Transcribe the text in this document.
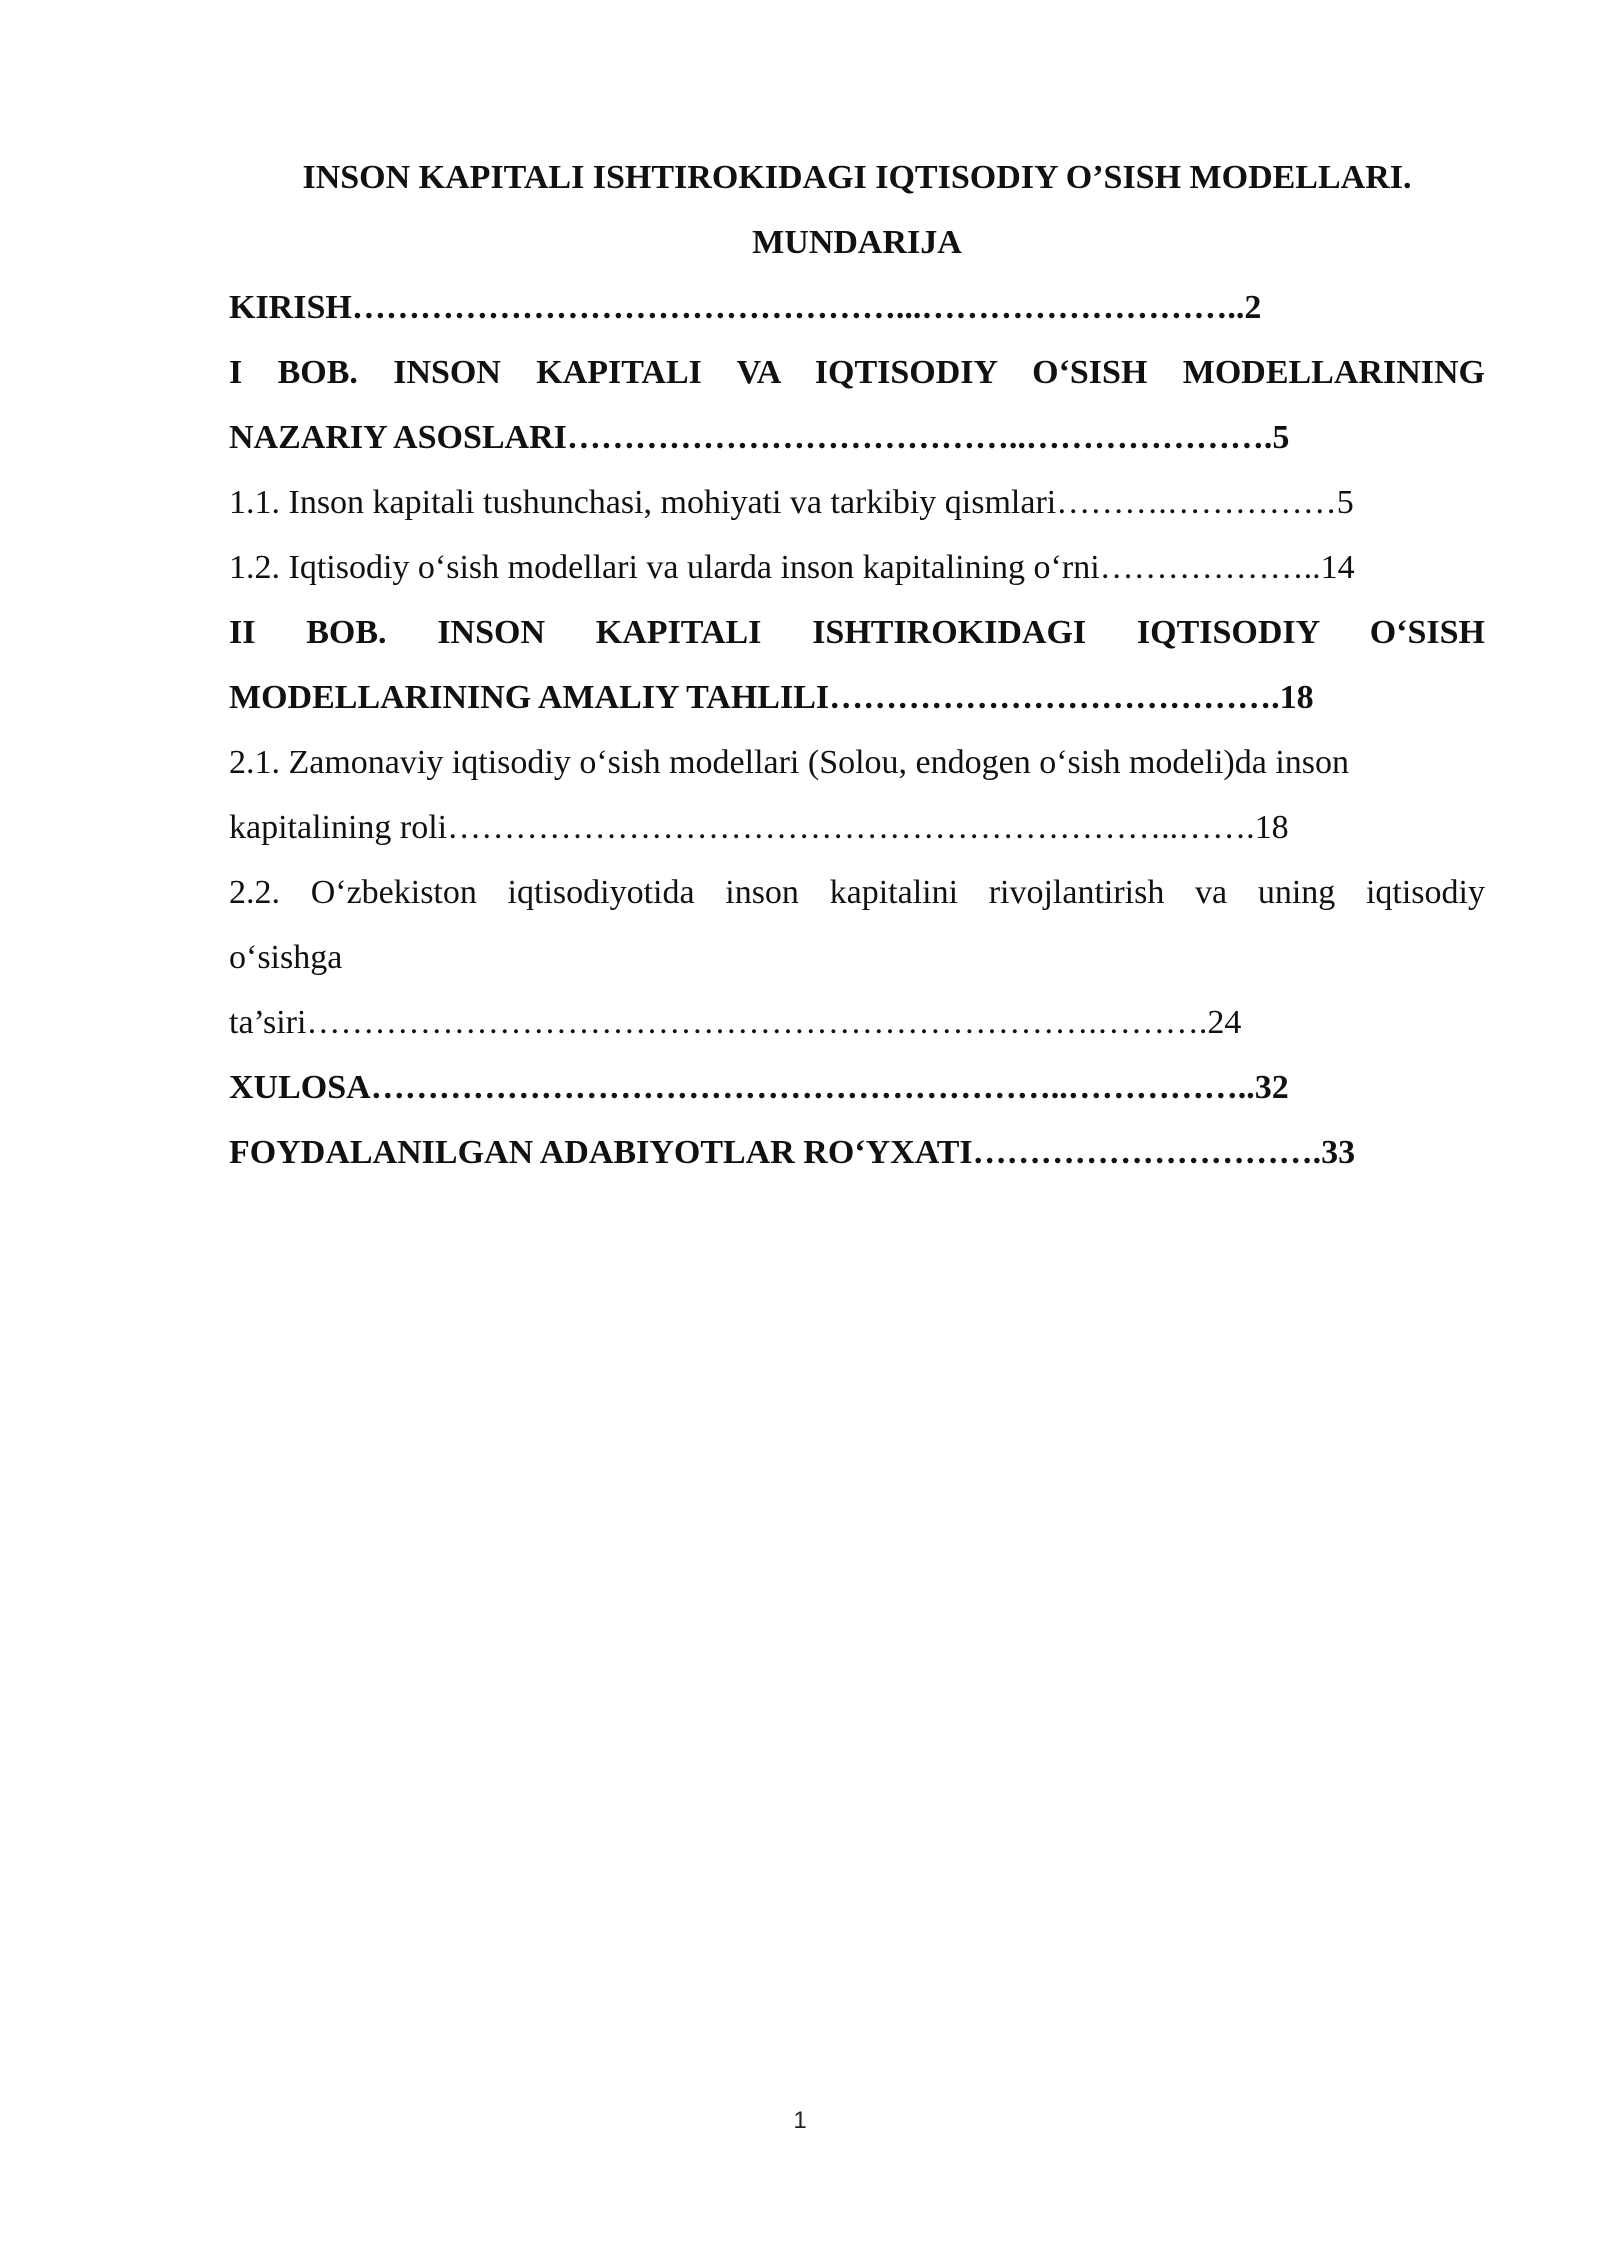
INSON KAPITALI ISHTIROKIDAGI IQTISODIY O’SISH MODELLARI.

MUNDARIJA

KIRISH…………………………………………...………………………..2

I BOB. INSON KAPITALI VA IQTISODIY O‘SISH MODELLARINING

NAZARIY ASOSLARI…………………………………..………………….5

1.1. Inson kapitali tushunchasi, mohiyati va tarkibiy qismlari……….……………5

1.2. Iqtisodiy o‘sish modellari va ularda inson kapitalining o‘rni………………..14

II BOB. INSON KAPITALI ISHTIROKIDAGI IQTISODIY O‘SISH

MODELLARINING AMALIY TAHLILI………………………………….18

2.1. Zamonaviy iqtisodiy o‘sish modellari (Solou, endogen o‘sish modeli)da inson

kapitalining roli………………………………………………………..…….18

2.2. O‘zbekiston iqtisodiyotida inson kapitalini rivojlantirish va uning iqtisodiy

o‘sishga

ta’siri…………………………………………………………….……….24

XULOSA……………………………………………………..……………..32

FOYDALANILGAN ADABIYOTLAR RO‘YXATI………………………….33

1
